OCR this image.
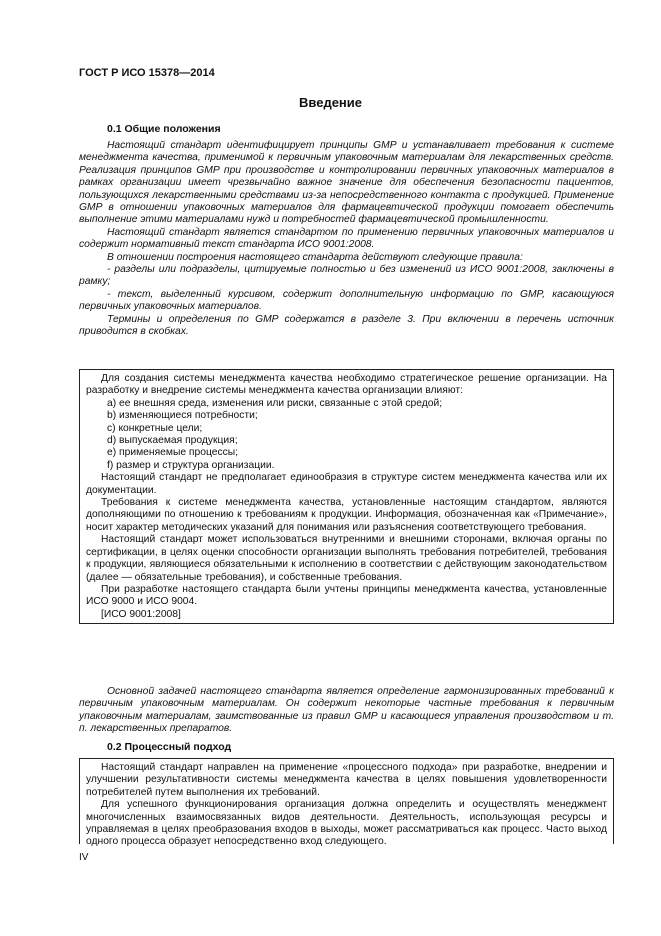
ГОСТ Р ИСО 15378—2014
Введение
0.1 Общие положения

Настоящий стандарт идентифицирует принципы GMP и устанавливает требования к системе менеджмента качества, применимой к первичным упаковочным материалам для лекарственных средств. Реализация принципов GMP при производстве и контролировании первичных упаковочных материалов в рамках организации имеет чрезвычайно важное значение для обеспечения безопасности пациентов, пользующихся лекарственными средствами из-за непосредственного контакта с продукцией. Применение GMP в отношении упаковочных материалов для фармацевтической продукции помогает обеспечить выполнение этими материалами нужд и потребностей фармацевтической промышленности.

Настоящий стандарт является стандартом по применению первичных упаковочных материалов и содержит нормативный текст стандарта ИСО 9001:2008.

В отношении построения настоящего стандарта действуют следующие правила:

- разделы или подразделы, цитируемые полностью и без изменений из ИСО 9001:2008, заключены в рамку;

- текст, выделенный курсивом, содержит дополнительную информацию по GMP, касающуюся первичных упаковочных материалов.

Термины и определения по GMP содержатся в разделе 3. При включении в перечень источник приводится в скобках.

Для создания системы менеджмента качества необходимо стратегическое решение организации. На разработку и внедрение системы менеджмента качества организации влияют:

a) ее внешняя среда, изменения или риски, связанные с этой средой;

b) изменяющиеся потребности;

c) конкретные цели;

d) выпускаемая продукция;

e) применяемые процессы;

f) размер и структура организации.

Настоящий стандарт не предполагает единообразия в структуре систем менеджмента качества или их документации.

Требования к системе менеджмента качества, установленные настоящим стандартом, являются дополняющими по отношению к требованиям к продукции. Информация, обозначенная как «Примечание», носит характер методических указаний для понимания или разъяснения соответствующего требования.

Настоящий стандарт может использоваться внутренними и внешними сторонами, включая органы по сертификации, в целях оценки способности организации выполнять требования потребителей, требования к продукции, являющиеся обязательными к исполнению в соответствии с действующим законодательством (далее — обязательные требования), и собственные требования.

При разработке настоящего стандарта были учтены принципы менеджмента качества, установленные ИСО 9000 и ИСО 9004.

[ИСО 9001:2008]

Основной задачей настоящего стандарта является определение гармонизированных требований к первичным упаковочным материалам. Он содержит некоторые частные требования к первичным упаковочным материалам, заимствованные из правил GMP и касающиеся управления производством и т. п. лекарственных препаратов.

0.2 Процессный подход

Настоящий стандарт направлен на применение «процессного подхода» при разработке, внедрении и улучшении результативности системы менеджмента качества в целях повышения удовлетворенности потребителей путем выполнения их требований.

Для успешного функционирования организация должна определить и осуществлять менеджмент многочисленных взаимосвязанных видов деятельности. Деятельность, использующая ресурсы и управляемая в целях преобразования входов в выходы, может рассматриваться как процесс. Часто выход одного процесса образует непосредственно вход следующего.

IV
